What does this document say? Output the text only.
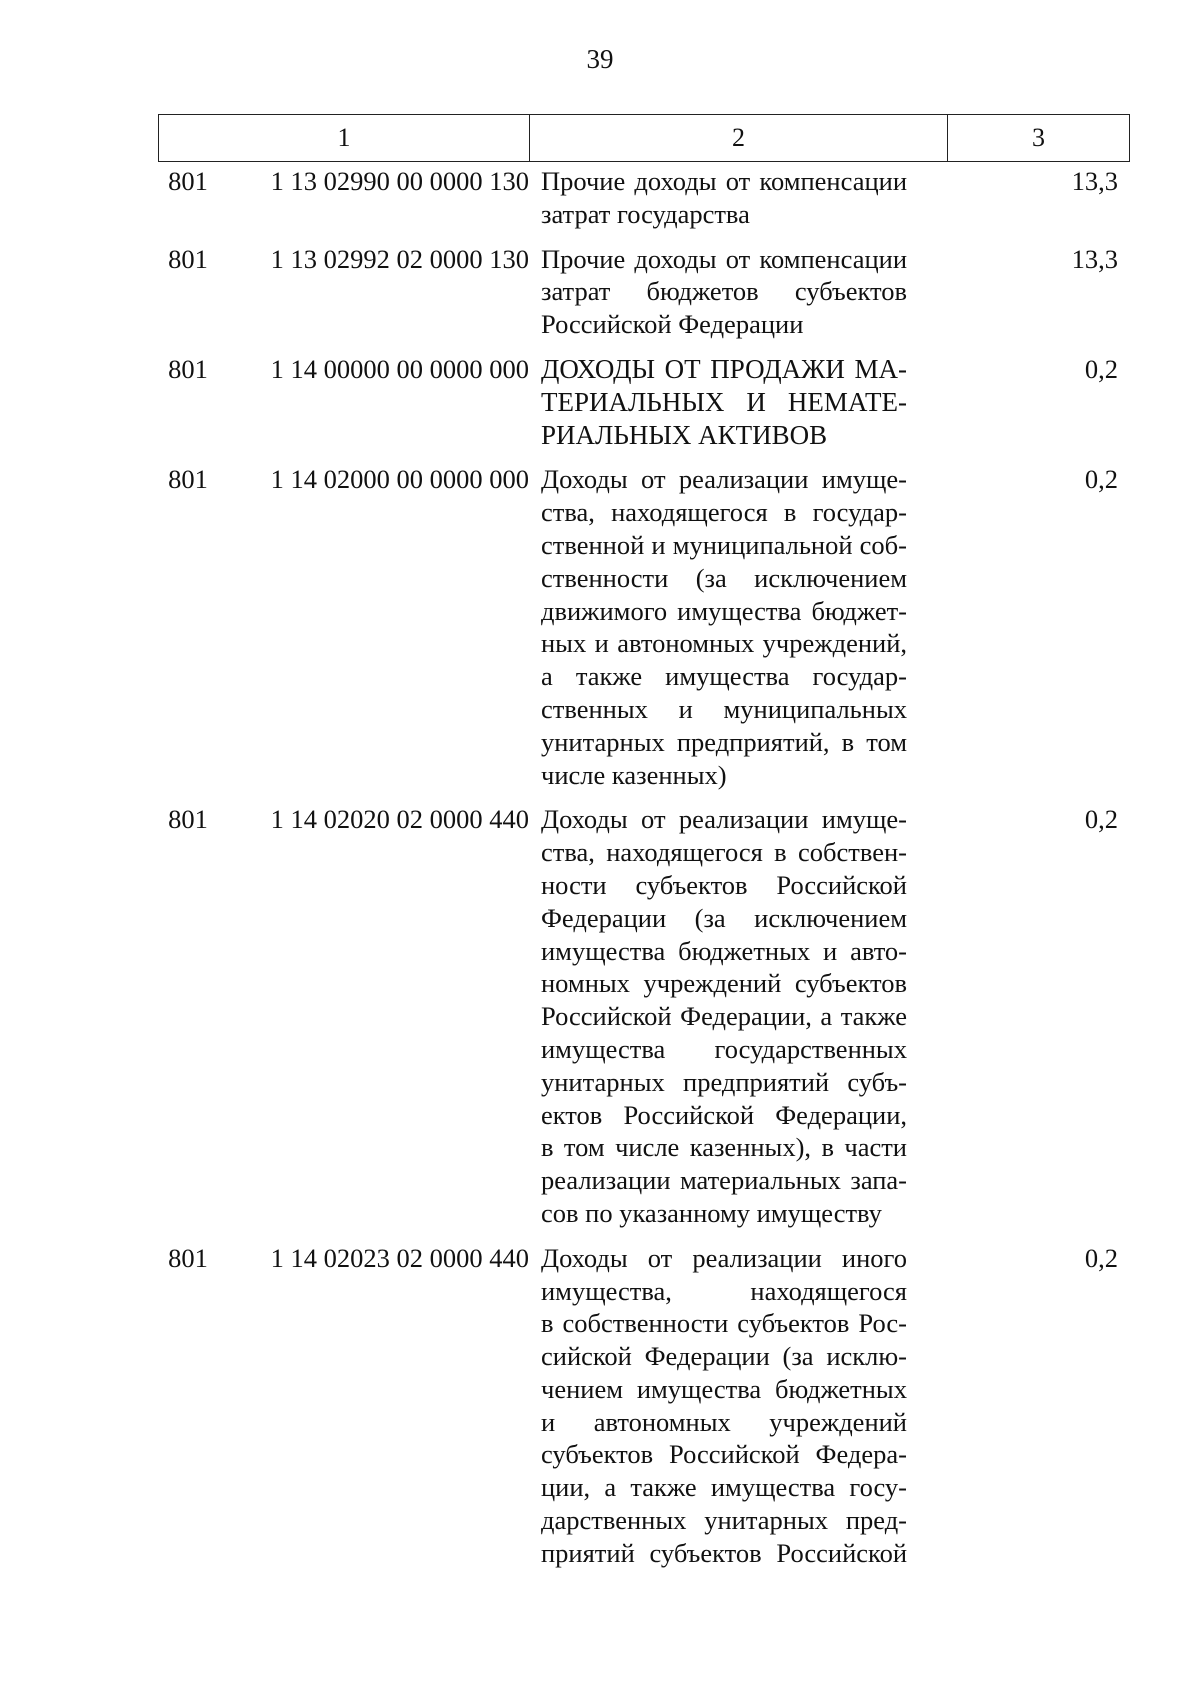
39
1	2	3
801	1 13 02990 00 0000 130 Прочие доходы от компенсации
затрат государства
13,3
801	1 13 02992 02 0000 130 Прочие доходы от компенсации
затрат бюджетов субъектов
Российской Федерации
13,3
801	1 14 00000 00 0000 000 ДОХОДЫ ОТ ПРОДАЖИ МА-
ТЕРИАЛЬНЫХ И НЕМАТЕ-
РИАЛЬНЫХ АКТИВОВ
0,2
801	1 14 02000 00 0000 000 Доходы от реализации имуще-
ства, находящегося в государ-
ственной и муниципальной соб-
ственности (за исключением
движимого имущества бюджет-
ных и автономных учреждений,
а также имущества государ-
ственных и муниципальных
унитарных предприятий, в том
числе казенных)
0,2
801	1 14 02020 02 0000 440 Доходы от реализации имуще-
ства, находящегося в собствен-
ности субъектов Российской
Федерации (за исключением
имущества бюджетных и авто-
номных учреждений субъектов
Российской Федерации, а также
имущества государственных
унитарных предприятий субъ-
ектов Российской Федерации,
в том числе казенных), в части
реализации материальных запа-
сов по указанному имуществу
0,2
801	1 14 02023 02 0000 440 Доходы от реализации иного
имущества, находящегося
в собственности субъектов Рос-
сийской Федерации (за исклю-
чением имущества бюджетных
и автономных учреждений
субъектов Российской Федера-
ции, а также имущества госу-
дарственных унитарных пред-
приятий субъектов Российской
0,2
